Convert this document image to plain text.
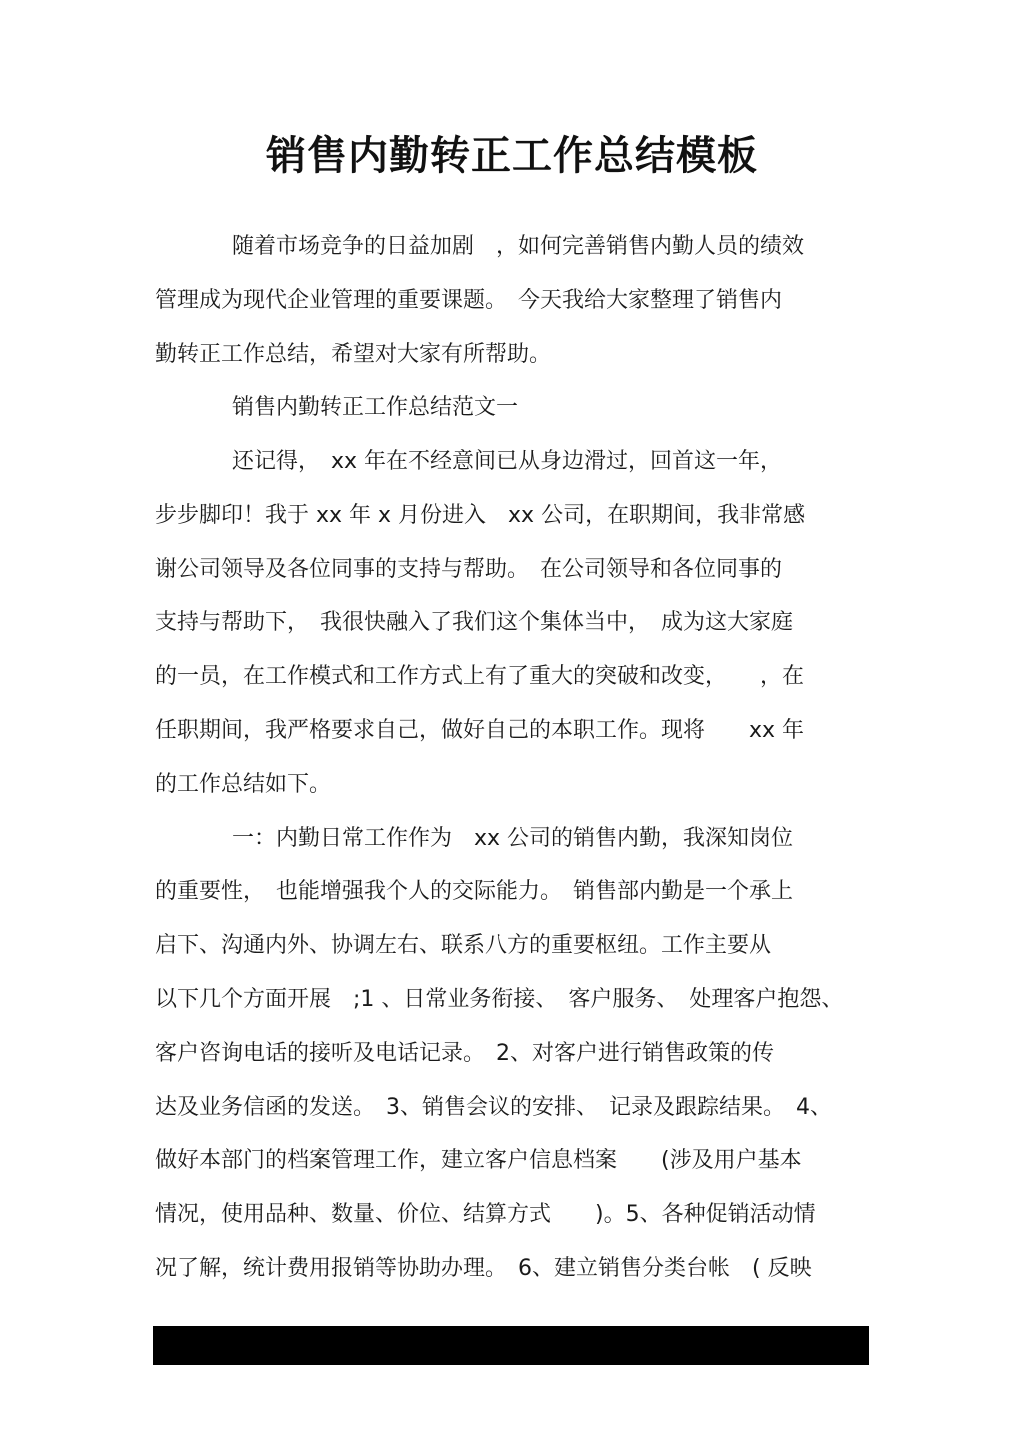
销售内勤转正工作总结模板

随着市场竞争的日益加剧　，如何完善销售内勤人员的绩效

管理成为现代企业管理的重要课题。　今天我给大家整理了销售内

勤转正工作总结，希望对大家有所帮助。

销售内勤转正工作总结范文一

还记得，　xx 年在不经意间已从身边滑过，回首这一年，

步步脚印！我于 xx 年 x 月份进入　xx 公司，在职期间，我非常感

谢公司领导及各位同事的支持与帮助。　在公司领导和各位同事的

支持与帮助下，　我很快融入了我们这个集体当中，　成为这大家庭

的一员，在工作模式和工作方式上有了重大的突破和改变，　　，在

任职期间，我严格要求自己，做好自己的本职工作。现将　　xx 年

的工作总结如下。

一：内勤日常工作作为　xx 公司的销售内勤，我深知岗位

的重要性，　也能增强我个人的交际能力。　销售部内勤是一个承上

启下、沟通内外、协调左右、联系八方的重要枢纽。工作主要从

以下几个方面开展　;1 、日常业务衔接、　客户服务、　处理客户抱怨、

客户咨询电话的接听及电话记录。　2、对客户进行销售政策的传

达及业务信函的发送。　3、销售会议的安排、　记录及跟踪结果。　4、

做好本部门的档案管理工作，建立客户信息档案　　(涉及用户基本

情况，使用品种、数量、价位、结算方式　　)。5、各种促销活动情

况了解，统计费用报销等协助办理。　6、建立销售分类台帐　( 反映
